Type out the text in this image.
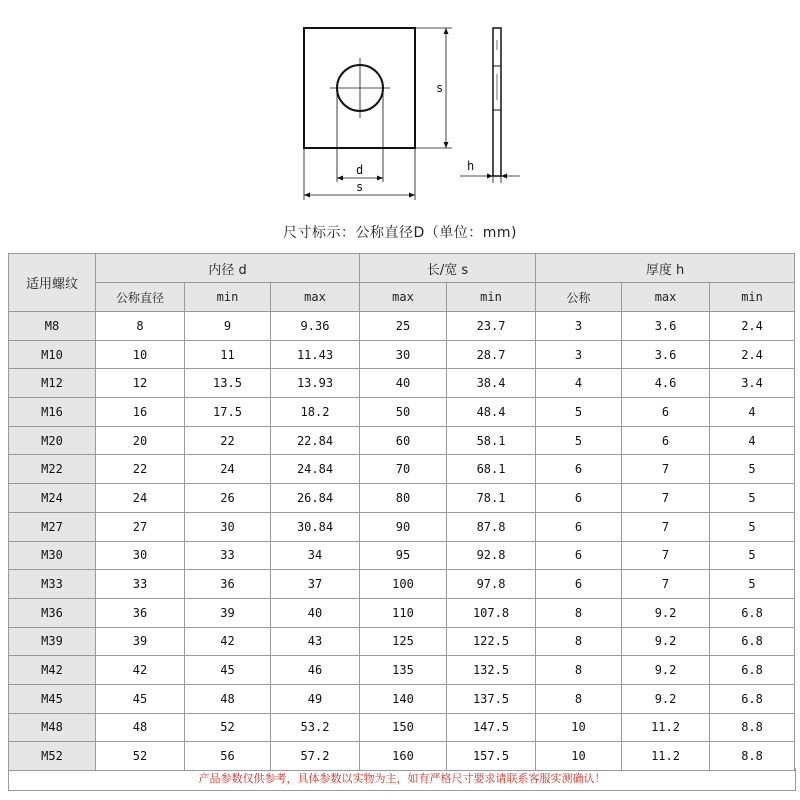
d
s
s
h
尺寸标示：公称直径D（单位：mm)
适用螺纹	内径 d			长/宽 s		厚度 h		
	公称直径	min	max	max	min	公称	max	min
M8	8	9	9.36	25	23.7	3	3.6	2.4
M10	10	11	11.43	30	28.7	3	3.6	2.4
M12	12	13.5	13.93	40	38.4	4	4.6	3.4
M16	16	17.5	18.2	50	48.4	5	6	4
M20	20	22	22.84	60	58.1	5	6	4
M22	22	24	24.84	70	68.1	6	7	5
M24	24	26	26.84	80	78.1	6	7	5
M27	27	30	30.84	90	87.8	6	7	5
M30	30	33	34	95	92.8	6	7	5
M33	33	36	37	100	97.8	6	7	5
M36	36	39	40	110	107.8	8	9.2	6.8
M39	39	42	43	125	122.5	8	9.2	6.8
M42	42	45	46	135	132.5	8	9.2	6.8
M45	45	48	49	140	137.5	8	9.2	6.8
M48	48	52	53.2	150	147.5	10	11.2	8.8
M52	52	56	57.2	160	157.5	10	11.2	8.8
产品参数仅供参考，具体参数以实物为主，如有严格尺寸要求请联系客服实测确认！
